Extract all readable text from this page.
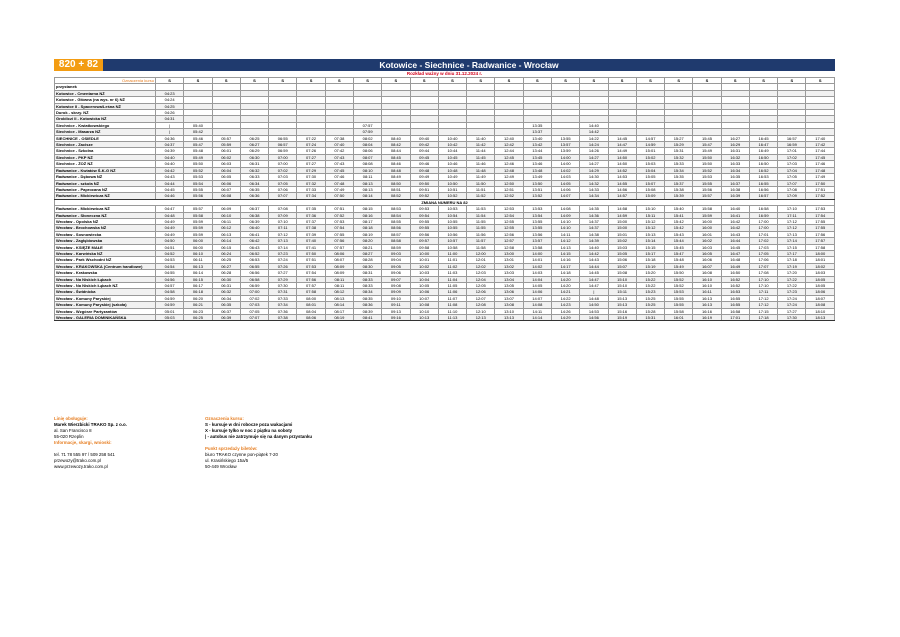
820 + 82	Kotowice - Siechnice - Radwanice - Wrocław
Rozkład ważny w dniu 31.12.2024 r.
Oznaczenia kursu	S	S	S	S	S	S	S	S	S	S	S	S	S	S	S	S	S	S	S	S	S	S	S	S
przystanek																								
Kotowice - Cmentarna NŻ	04:23																							
Kotowice - Główna (na wys. nr 6) NŻ	04:24																							
Kotowice II - Spacerowa/Leśna NŻ	04:25																							
Durok - skrzy. NŻ	04:26																							
Grobliczi II - Kotowicka NŻ	04:31																							
Siechnice - Kwiatkowskiego	|	05:40						07:57						13:35		14:40								
Siechnice - Masarza NŻ	|	05:42						07:59						13:37		14:42								
SIECHNICE - OSIEDLE	04:36	05:46	05:57	06:25	06:55	07:22	07:38	08:02	08:40	09:40	10:40	11:40	12:40	13:40	13:55	14:22	14:45	14:57	15:27	15:45	16:27	16:45	16:57	17:40
Siechnice - Zacisze	04:37	05:47	05:59	06:27	06:57	07:24	07:40	08:04	08:42	09:42	10:42	11:42	12:42	13:42	13:57	14:24	14:47	14:59	15:29	15:47	16:29	16:47	16:59	17:42
Siechnice - Szkolna	04:39	05:48	06:01	06:29	06:59	07:26	07:42	08:06	08:44	09:44	10:44	11:44	12:44	13:44	13:59	14:26	14:49	15:01	15:31	15:49	16:31	16:49	17:01	17:44
Siechnice - PKP NŻ	04:40	05:49	06:02	06:30	07:00	07:27	07:43	08:07	08:45	09:45	10:45	11:45	12:45	13:45	14:00	14:27	14:50	15:02	15:32	15:50	16:32	16:50	17:02	17:45
Siechnice - ŻOŻ NŻ	04:40	05:50	06:03	06:31	07:00	07:27	07:43	08:08	08:46	09:46	10:46	11:46	12:46	13:46	14:00	14:27	14:50	15:03	15:33	15:50	16:33	16:50	17:03	17:46
Radwanice - Kwiatów Ś-K-G NŻ	04:42	05:52	06:04	06:32	07:02	07:29	07:45	08:10	08:48	09:48	10:48	11:48	12:48	13:48	14:02	14:29	14:52	15:04	15:34	15:52	16:34	16:52	17:04	17:48
Radwanice - Dębowa NŻ	04:43	05:53	06:05	06:33	07:03	07:30	07:46	08:11	08:49	09:49	10:49	11:49	12:49	13:49	14:03	14:30	14:53	15:05	15:35	15:53	16:35	16:53	17:05	17:49
Radwanice - szkoła NŻ	04:44	05:54	06:06	06:34	07:05	07:32	07:48	08:13	08:50	09:50	10:50	11:50	12:50	13:50	14:05	14:32	14:55	15:07	15:37	15:55	16:37	16:55	17:07	17:50
Radwanice - Paprocana NŻ	04:45	05:55	06:07	06:35	07:06	07:33	07:49	08:13	08:51	09:51	10:51	11:51	12:51	13:51	14:06	14:33	14:56	15:08	15:38	15:56	16:38	16:56	17:08	17:51
Radwanice - Mickiewicza NŻ	04:46	05:56	06:08	06:36	07:07	07:34	07:50	08:14	08:52	09:52	10:52	11:52	12:52	13:52	14:07	14:34	14:57	15:09	15:39	15:57	16:39	16:57	17:09	17:52
ZMIANA NUMERU NA 82																								
Radwanice - Mickiewicza NŻ	04:47	05:57	06:09	06:37	07:08	07:35	07:51	08:15	08:53	09:53	10:53	11:53	12:53	13:53	14:08	14:35	14:58	15:10	15:40	15:58	16:40	16:58	17:10	17:53
Radwanice - Słoneczna NŻ	04:48	05:58	06:10	06:38	07:09	07:36	07:52	08:16	08:54	09:54	10:54	11:54	12:54	13:54	14:09	14:36	14:59	15:11	15:41	15:59	16:41	16:59	17:11	17:54
Wrocław - Opolska NŻ	04:49	05:59	06:11	06:39	07:10	07:37	07:53	08:17	08:55	09:55	10:55	11:55	12:55	13:55	14:10	14:37	15:00	15:12	15:42	16:00	16:42	17:00	17:12	17:55
Wrocław - Brochowska NŻ	04:49	05:59	06:12	06:40	07:11	07:38	07:54	08:18	08:56	09:55	10:55	11:55	12:55	13:55	14:10	14:37	15:00	15:12	15:42	16:00	16:42	17:00	17:12	17:55
Wrocław - Sosnowiecka	04:49	05:59	06:13	06:41	07:12	07:39	07:55	08:19	08:57	09:56	10:56	11:56	12:56	13:56	14:11	14:38	15:01	15:13	15:43	16:01	16:43	17:01	17:13	17:56
Wrocław - Zagłębiowska	04:50	06:00	06:14	06:42	07:13	07:40	07:56	08:20	08:58	09:57	10:57	11:57	12:57	13:57	14:12	14:39	15:02	15:14	15:44	16:02	16:44	17:02	17:14	17:57
Wrocław - KSIĘŻE MAŁE	04:51	06:00	06:15	06:43	07:14	07:41	07:57	08:21	08:59	09:58	10:58	11:58	12:58	13:58	14:13	14:40	15:03	15:15	15:45	16:03	16:45	17:03	17:15	17:58
Wrocław - Karwińska NŻ	04:52	06:10	06:24	06:52	07:23	07:50	08:06	08:27	09:03	10:00	11:00	12:00	13:00	14:00	14:15	14:42	15:05	15:17	15:47	16:05	16:47	17:05	17:17	18:00
Wrocław - Park Wschodni NŻ	04:53	06:11	06:25	06:53	07:24	07:51	08:07	08:28	09:04	10:01	11:01	12:01	13:01	14:01	14:16	14:43	15:06	15:18	15:48	16:06	16:48	17:06	17:18	18:01
Wrocław - KRAKOWSKA (Centrum handlowe)	04:54	06:13	06:27	06:55	07:26	07:53	08:09	08:30	09:05	10:02	11:02	12:02	13:02	14:02	14:17	14:44	15:07	15:19	15:49	16:07	16:49	17:07	17:19	18:02
Wrocław - Krakowska	04:55	06:14	06:28	06:56	07:27	07:54	08:09	08:31	09:06	10:03	11:03	12:03	13:03	14:03	14:18	14:45	15:08	15:20	15:50	16:08	16:50	17:08	17:20	18:03
Wrocław - Na Niskich Łąkach	04:56	06:15	06:30	06:58	07:29	07:56	08:11	08:33	09:07	10:04	11:04	12:04	13:04	14:04	14:20	14:47	15:10	15:22	15:52	16:10	16:52	17:10	17:22	18:05
Wrocław - Na Niskich Łąkach NŻ	04:57	06:17	06:31	06:59	07:30	07:57	08:11	08:33	09:08	10:05	11:05	12:05	13:05	14:05	14:20	14:47	15:10	15:22	15:52	16:10	16:52	17:10	17:22	18:05
Wrocław - Świdnicka	04:58	06:18	06:32	07:00	07:31	07:58	08:12	08:34	09:09	10:06	11:06	12:06	13:06	14:06	14:21	|	15:11	15:23	15:53	16:11	16:53	17:11	17:23	18:06
Wrocław - Komuny Paryskiej	04:59	06:20	06:34	07:02	07:33	08:00	08:13	08:35	09:10	10:07	11:07	12:07	13:07	14:07	14:22	14:48	15:13	15:25	15:55	16:13	16:55	17:12	17:24	18:07
Wrocław - Komuny Paryskiej (szkoła)	04:59	06:21	06:35	07:03	07:34	08:01	08:14	08:36	09:11	10:08	11:08	12:08	13:08	14:08	14:23	14:50	15:13	15:25	15:55	16:13	16:55	17:12	17:24	18:08
Wrocław - Wzgórze Partyzantów	05:01	06:23	06:37	07:05	07:36	08:04	08:17	08:39	09:13	10:10	11:10	12:10	13:10	14:11	14:26	14:53	15:16	15:28	15:58	16:16	16:58	17:15	17:27	18:10
Wrocław - GALERIA DOMINIKAŃSKA	05:03	06:25	06:39	07:07	07:38	08:06	08:19	08:41	09:16	10:13	11:13	12:13	13:13	14:14	14:29	14:56	15:19	15:31	16:01	16:19	17:01	17:18	17:30	18:13
Linię obsługuje:
Marek Wierzbicki TRAKO Sp. z o.o.
al. San Francisco 8
55-020 Rzeplin
Informacje, skargi, wnioski:
tel. 71 78 555 97 / 509 258 541
przewozy@trako.com.pl
www.przewozy.trako.com.pl
Oznaczenia kursu:
S - kursuje w dni robocze poza wakacjami
X - kursuje tylko w noc z piątku na soboty
| - autobus nie zatrzymuje się na danym przystanku
Punkt sprzedaży biletów:
biuro TRAKO czynne pon-piątek 7-20
ul. Krasińskiego 15a/5
50-449 Wrocław
